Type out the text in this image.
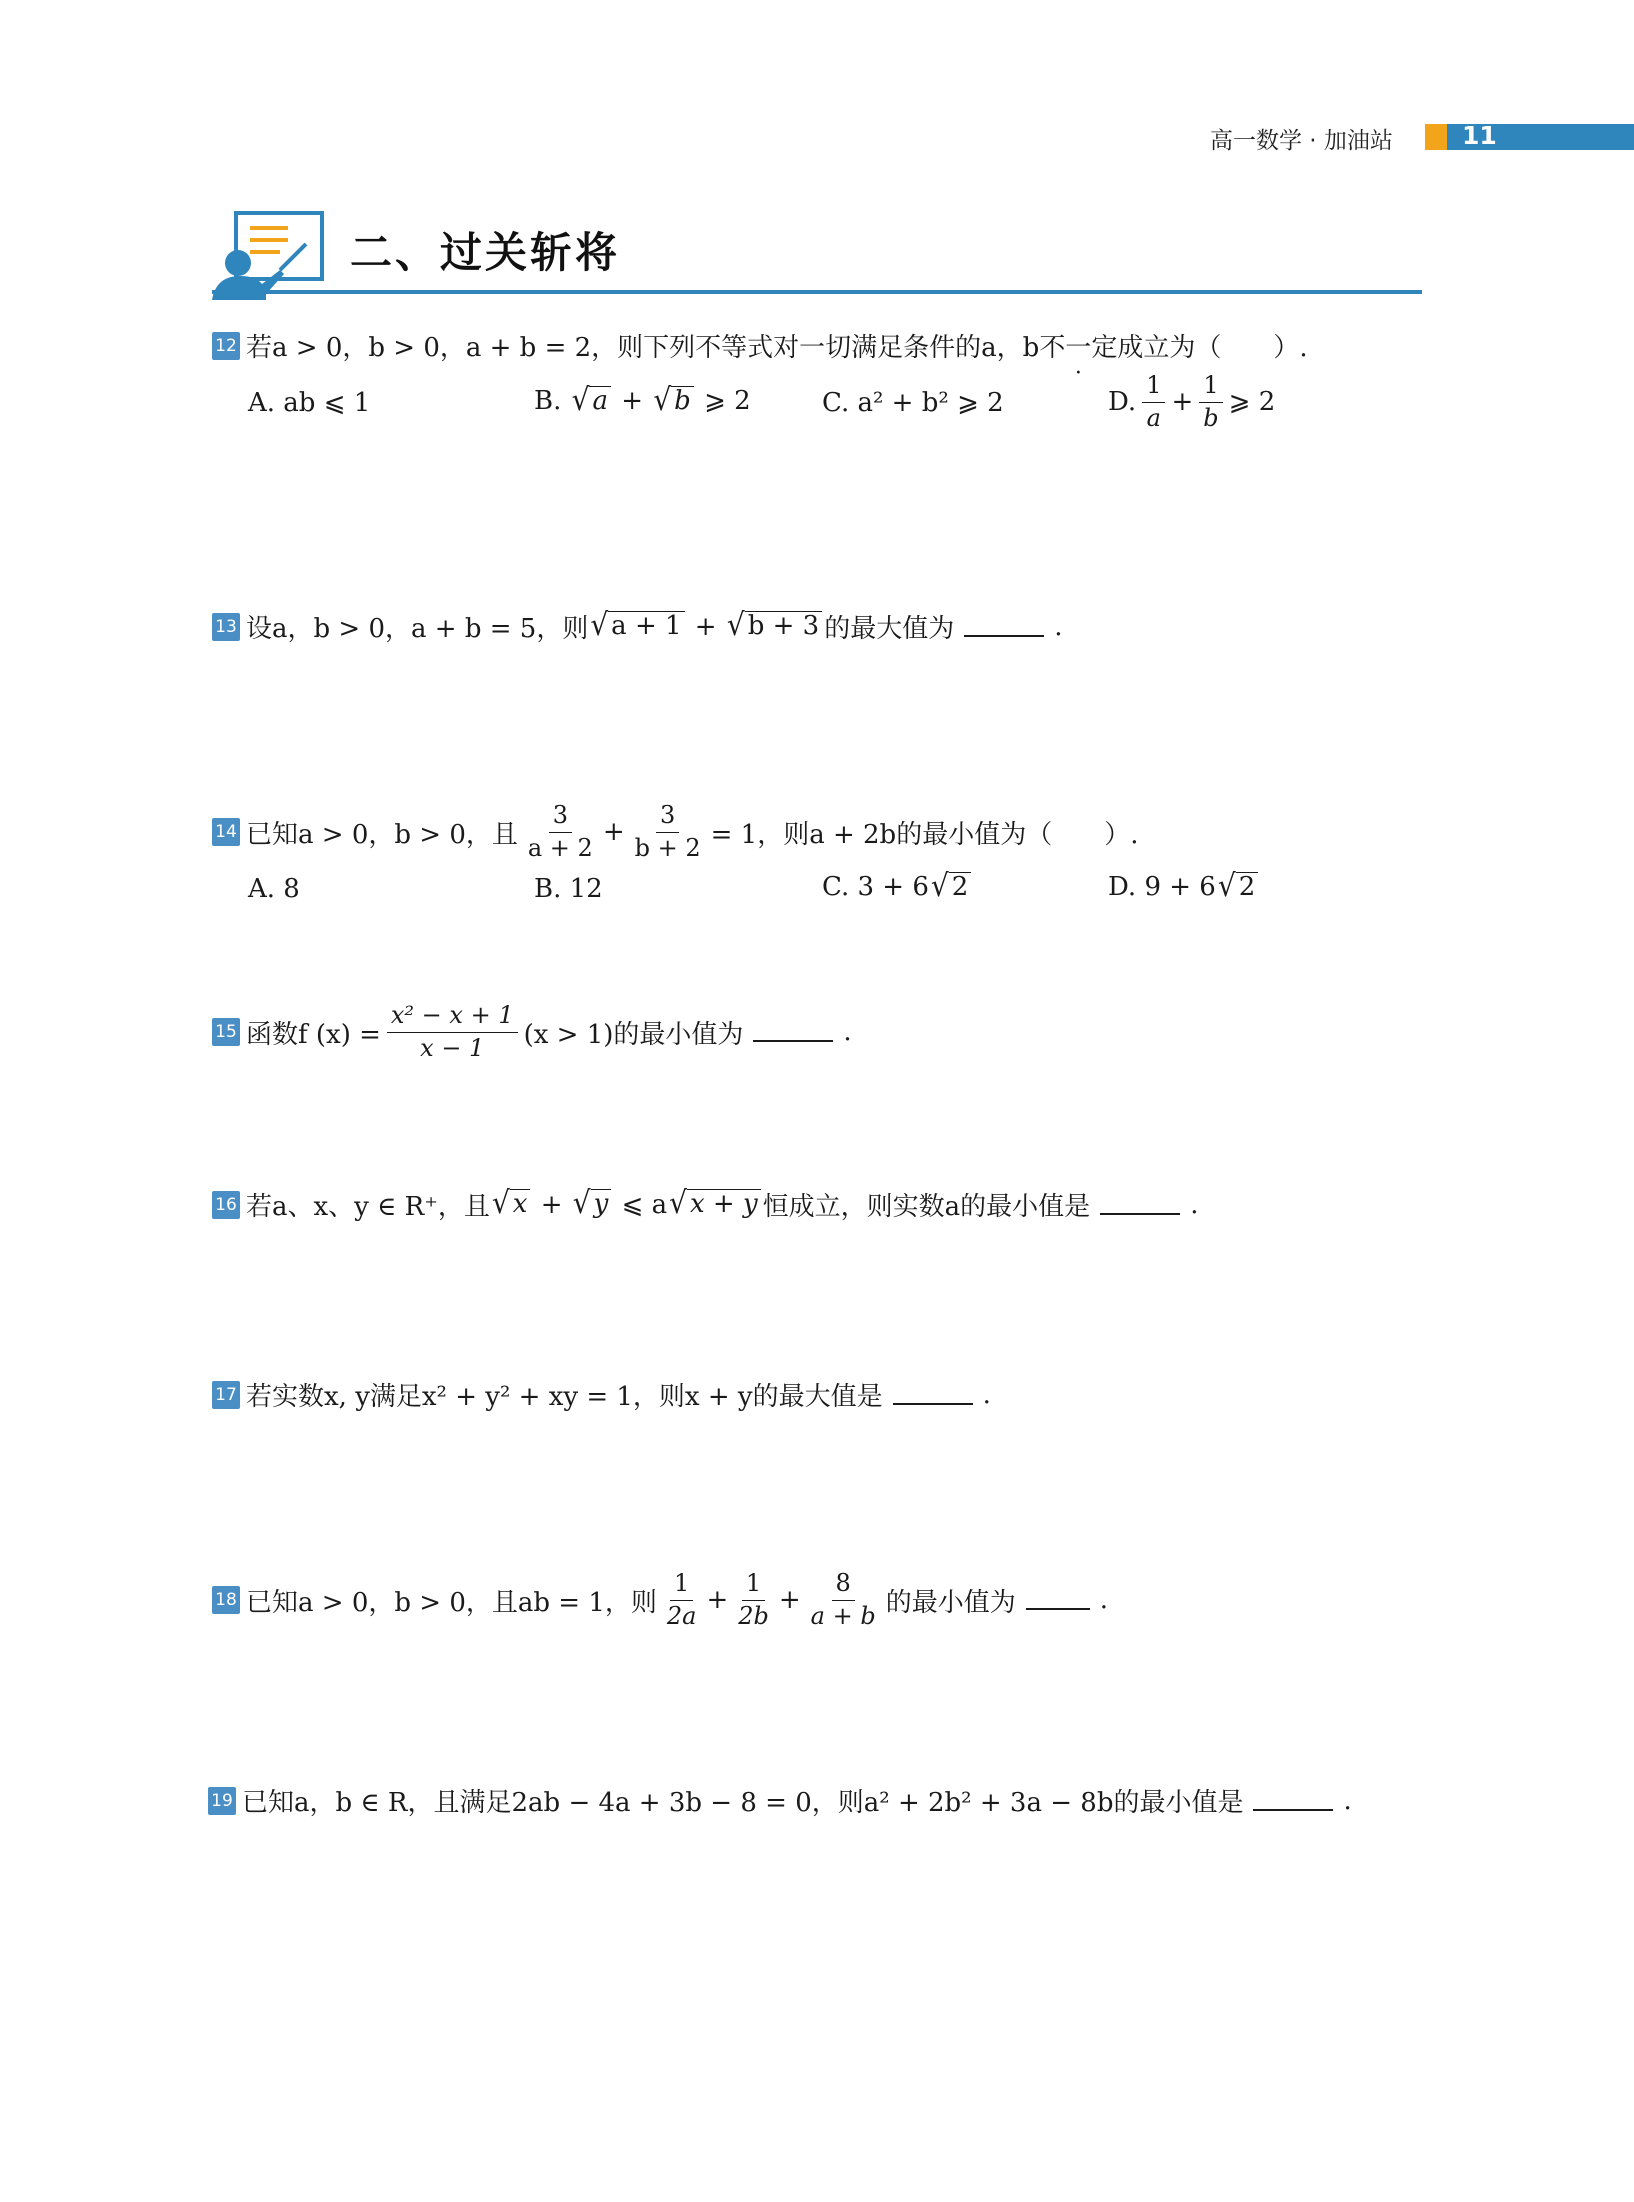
高一数学 · 加油站	11
二、过关斩将
12 若a > 0，b > 0，a + b = 2，则下列不等式对一切满足条件的a，b 不一定 · 成立为（　　）.
A. ab ⩽ 1	B.
√ a + √ b
⩾ 2	C. a² + b² ⩾ 2	D. $\frac{1}{a} + \frac{1}{b}$ ⩾ 2
13 设a，b > 0，a + b = 5，则 √ a + 1 + √ b + 3 的最大值为	.
14 已知a > 0，b > 0，且 $\frac{3}{a + 2} + \frac{3}{b + 2} = 1$，则a + 2b的最小值为（　　）.
A. 8	B. 12	C. 3 + 6 √ 2	D. 9 + 6 √ 2
15 函数f $(x) = \frac{\text{x² − x + 1}}{x - 1} (x > 1)$的最小值为	.
16 若a、x、y ∈ R⁺，且 √ x + √ y
⩽ a √ x + y 恒成立，则实数a的最小值是	.
17 若实数x, y满足x² + y² + xy = 1，则x + y的最大值是	.
18 已知a > 0，b > 0，且ab = 1，则 $\frac{1}{2a} + \frac{1}{2b} + \frac{8}{a + b}$ 的最小值为	.
19 已知a，b ∈ R，且满足2ab − 4a + 3b − 8 = 0，则a² + 2b² + 3a − 8b的最小值是	.
